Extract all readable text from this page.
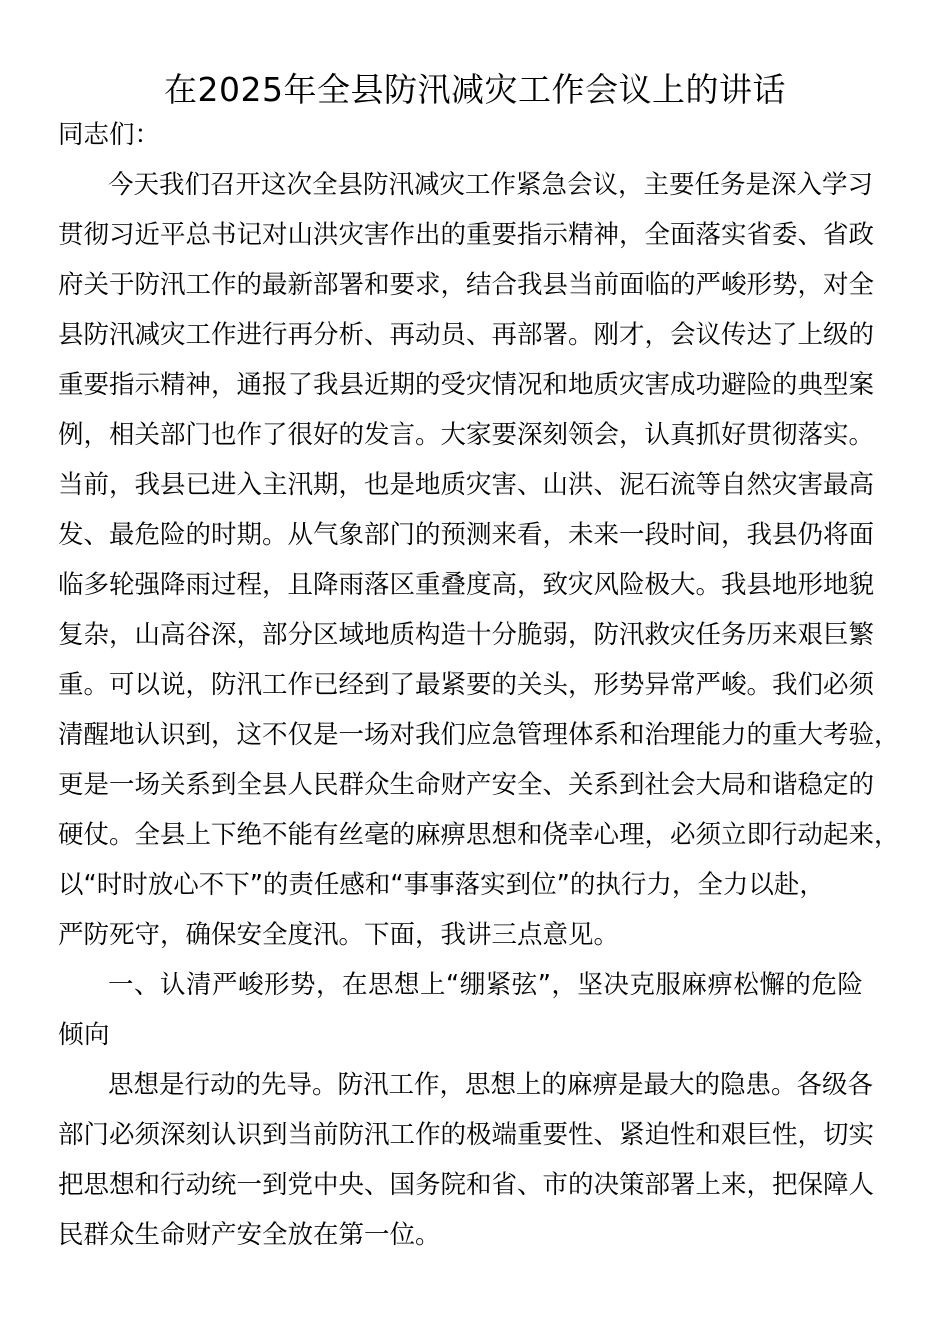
在2025年全县防汛减灾工作会议上的讲话

同志们：

今天我们召开这次全县防汛减灾工作紧急会议，主要任务是深入学习

贯彻习近平总书记对山洪灾害作出的重要指示精神，全面落实省委、省政

府关于防汛工作的最新部署和要求，结合我县当前面临的严峻形势，对全

县防汛减灾工作进行再分析、再动员、再部署。刚才，会议传达了上级的

重要指示精神，通报了我县近期的受灾情况和地质灾害成功避险的典型案

例，相关部门也作了很好的发言。大家要深刻领会，认真抓好贯彻落实。

当前，我县已进入主汛期，也是地质灾害、山洪、泥石流等自然灾害最高

发、最危险的时期。从气象部门的预测来看，未来一段时间，我县仍将面

临多轮强降雨过程，且降雨落区重叠度高，致灾风险极大。我县地形地貌

复杂，山高谷深，部分区域地质构造十分脆弱，防汛救灾任务历来艰巨繁

重。可以说，防汛工作已经到了最紧要的关头，形势异常严峻。我们必须

清醒地认识到，这不仅是一场对我们应急管理体系和治理能力的重大考验，

更是一场关系到全县人民群众生命财产安全、关系到社会大局和谐稳定的

硬仗。全县上下绝不能有丝毫的麻痹思想和侥幸心理，必须立即行动起来，

以“时时放心不下”的责任感和“事事落实到位”的执行力，全力以赴，

严防死守，确保安全度汛。下面，我讲三点意见。

一、认清严峻形势，在思想上“绷紧弦”，坚决克服麻痹松懈的危险

倾向

思想是行动的先导。防汛工作，思想上的麻痹是最大的隐患。各级各

部门必须深刻认识到当前防汛工作的极端重要性、紧迫性和艰巨性，切实

把思想和行动统一到党中央、国务院和省、市的决策部署上来，把保障人

民群众生命财产安全放在第一位。
